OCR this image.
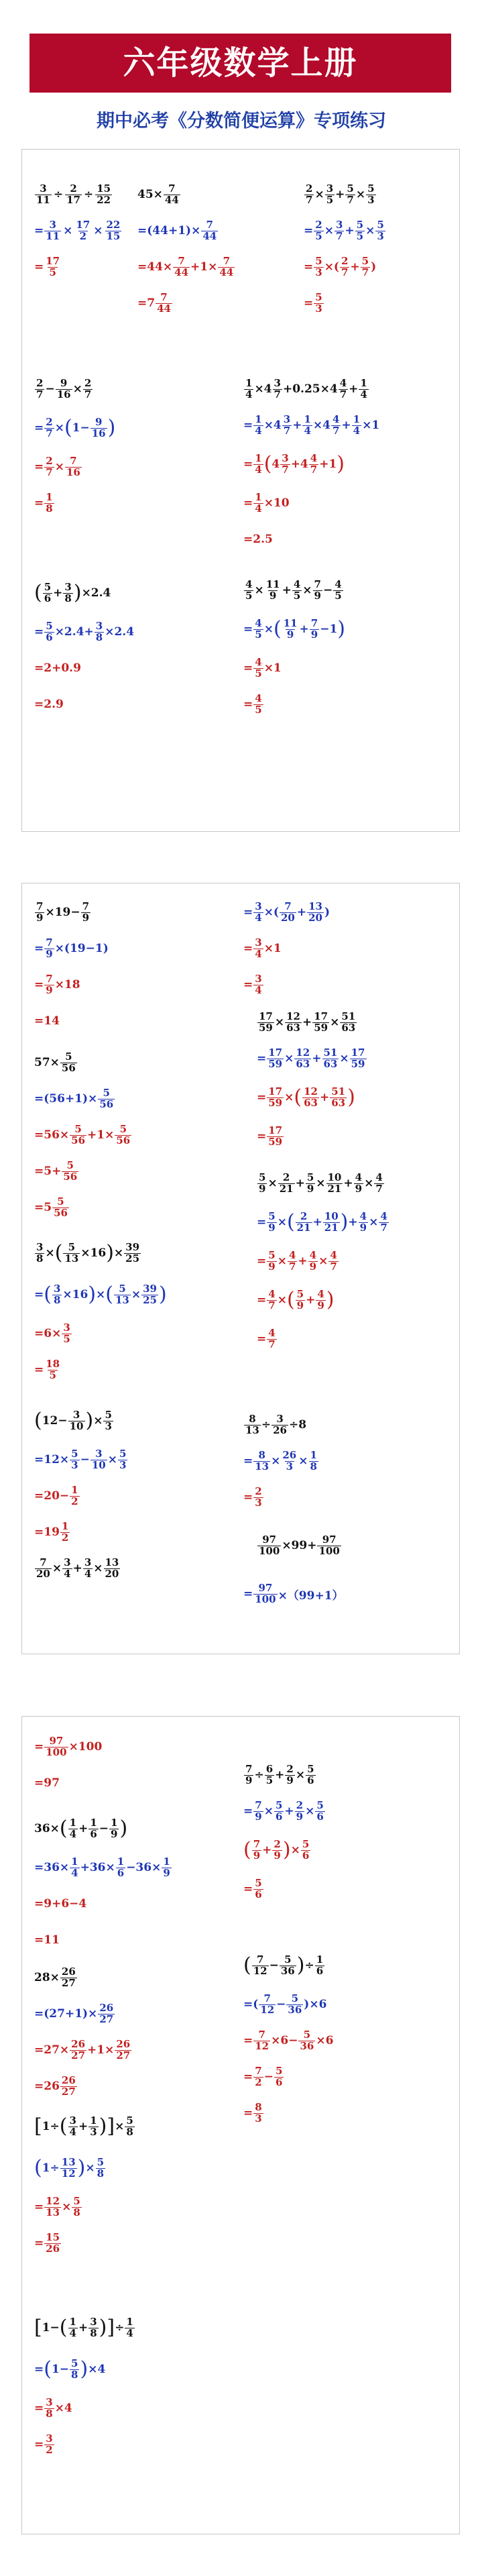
六年级数学上册
期中必考《分数简便运算》专项练习
$\frac{3}{11} \div \frac{2}{17} \div \frac{15}{22}$
= $\frac{3}{11} \times \frac{17}{2} \times \frac{22}{15}$
= $\frac{17}{5}$
$45\times \frac{7}{44}$
$=(44+1)\times \frac{7}{44}$
$=44\times \frac{7}{44} +1\times \frac{7}{44}$
$=7 \frac{7}{44}$
$\frac{2}{7} \times \frac{3}{5} + \frac{5}{7} \times \frac{5}{3}$
= $\frac{2}{5} \times \frac{3}{7} + \frac{5}{5} \times \frac{5}{3}$
= $\frac{5}{3}$ ×( $\frac{2}{7} + \frac{5}{7}$ )
= $\frac{5}{3}$
$\frac{2}{7} - \frac{9}{16} \times \frac{2}{7}$
= $\frac{2}{7}$ × ( $1- \frac{9}{16}$ )
= $\frac{2}{7} \times \frac{7}{16}$
= $\frac{1}{8}$
$\frac{1}{4} \times 4 \frac{3}{7} +0.25\times 4 \frac{4}{7} + \frac{1}{4}$
= $\frac{1}{4} \times 4 \frac{3}{7} + \frac{1}{4} \times 4 \frac{4}{7} + \frac{1}{4} \times 1$
= $\frac{1}{4}$ ( $4 \frac{3}{7} +4 \frac{4}{7} +1$ )
= $\frac{1}{4} \times 10$
=2.5
( $\frac{5}{6} + \frac{3}{8}$ ) ×2.4
= $\frac{5}{6} \times 2.4+ \frac{3}{8} \times 2.4$
=2+0.9
=2.9
$\frac{4}{5} \times \frac{11}{9} + \frac{4}{5} \times \frac{7}{9} - \frac{4}{5}$
= $\frac{4}{5}$ × ( $\frac{11}{9} + \frac{7}{9} -1$ )
= $\frac{4}{5} \times 1$
= $\frac{4}{5}$
$\frac{7}{9} \times 19- \frac{7}{9}$
= $\frac{7}{9} \times(19-1)$
= $\frac{7}{9} \times 18$
=14
$57\times \frac{5}{56}$
$=(56+1)\times \frac{5}{56}$
$=56\times \frac{5}{56} +1\times \frac{5}{56}$
$=5+ \frac{5}{56}$
$=5 \frac{5}{56}$
$\frac{3}{8}$ × ( $\frac{5}{13} \times 16$ ) × $\frac{39}{25}$
= ( $\frac{3}{8} \times 16$ ) × ( $\frac{5}{13} \times \frac{39}{25}$ )
$=6\times \frac{3}{5}$
= $\frac{18}{5}$
( $12- \frac{3}{10}$ ) × $\frac{5}{3}$
$=12\times \frac{5}{3} - \frac{3}{10} \times \frac{5}{3}$
$=20- \frac{1}{2}$
$=19 \frac{1}{2}$
$\frac{7}{20} \times \frac{3}{4} + \frac{3}{4} \times \frac{13}{20}$
= $\frac{3}{4}$ ×( $\frac{7}{20} + \frac{13}{20}$ )
= $\frac{3}{4} \times 1$
= $\frac{3}{4}$
$\frac{17}{59} \times \frac{12}{63} + \frac{17}{59} \times \frac{51}{63}$
= $\frac{17}{59} \times \frac{12}{63} + \frac{51}{63} \times \frac{17}{59}$
= $\frac{17}{59}$ × ( $\frac{12}{63} + \frac{51}{63}$ )
= $\frac{17}{59}$
$\frac{5}{9} \times \frac{2}{21} + \frac{5}{9} \times \frac{10}{21} + \frac{4}{9} \times \frac{4}{7}$
= $\frac{5}{9}$ × ( $\frac{2}{21} + \frac{10}{21}$ ) + $\frac{4}{9} \times \frac{4}{7}$
= $\frac{5}{9} \times \frac{4}{7} + \frac{4}{9} \times \frac{4}{7}$
= $\frac{4}{7}$ × ( $\frac{5}{9} + \frac{4}{9}$ )
= $\frac{4}{7}$
$\frac{8}{13} \div \frac{3}{26} \div 8$
= $\frac{8}{13} \times \frac{26}{3} \times \frac{1}{8}$
= $\frac{2}{3}$
$\frac{97}{100} \times 99+ \frac{97}{100}$
= $\frac{97}{100} \times(99+1)$
= $\frac{97}{100} \times 100$
=97
36× ( $\frac{1}{4} + \frac{1}{6} - \frac{1}{9}$ )
$=36\times \frac{1}{4} +36\times \frac{1}{6} -36\times \frac{1}{9}$
=9+6−4
=11
$28\times \frac{26}{27}$
$=(27+1)\times \frac{26}{27}$
$=27\times \frac{26}{27} +1\times \frac{26}{27}$
$=26 \frac{26}{27}$
[ 1÷ ( $\frac{3}{4} + \frac{1}{3}$ ) ] × $\frac{5}{8}$
( $1\div \frac{13}{12}$ ) × $\frac{5}{8}$
= $\frac{12}{13} \times \frac{5}{8}$
= $\frac{15}{26}$
[ 1− ( $\frac{1}{4} + \frac{3}{8}$ ) ] ÷ $\frac{1}{4}$
= ( $1- \frac{5}{8}$ ) ×4
= $\frac{3}{8} \times 4$
= $\frac{3}{2}$
$\frac{7}{9} \div \frac{6}{5} + \frac{2}{9} \times \frac{5}{6}$
= $\frac{7}{9} \times \frac{5}{6} + \frac{2}{9} \times \frac{5}{6}$
( $\frac{7}{9} + \frac{2}{9}$ ) × $\frac{5}{6}$
= $\frac{5}{6}$
( $\frac{7}{12} - \frac{5}{36}$ ) ÷ $\frac{1}{6}$
=( $\frac{7}{12} - \frac{5}{36} )\times 6$
= $\frac{7}{12} \times 6- \frac{5}{36} \times 6$
= $\frac{7}{2} - \frac{5}{6}$
= $\frac{8}{3}$
